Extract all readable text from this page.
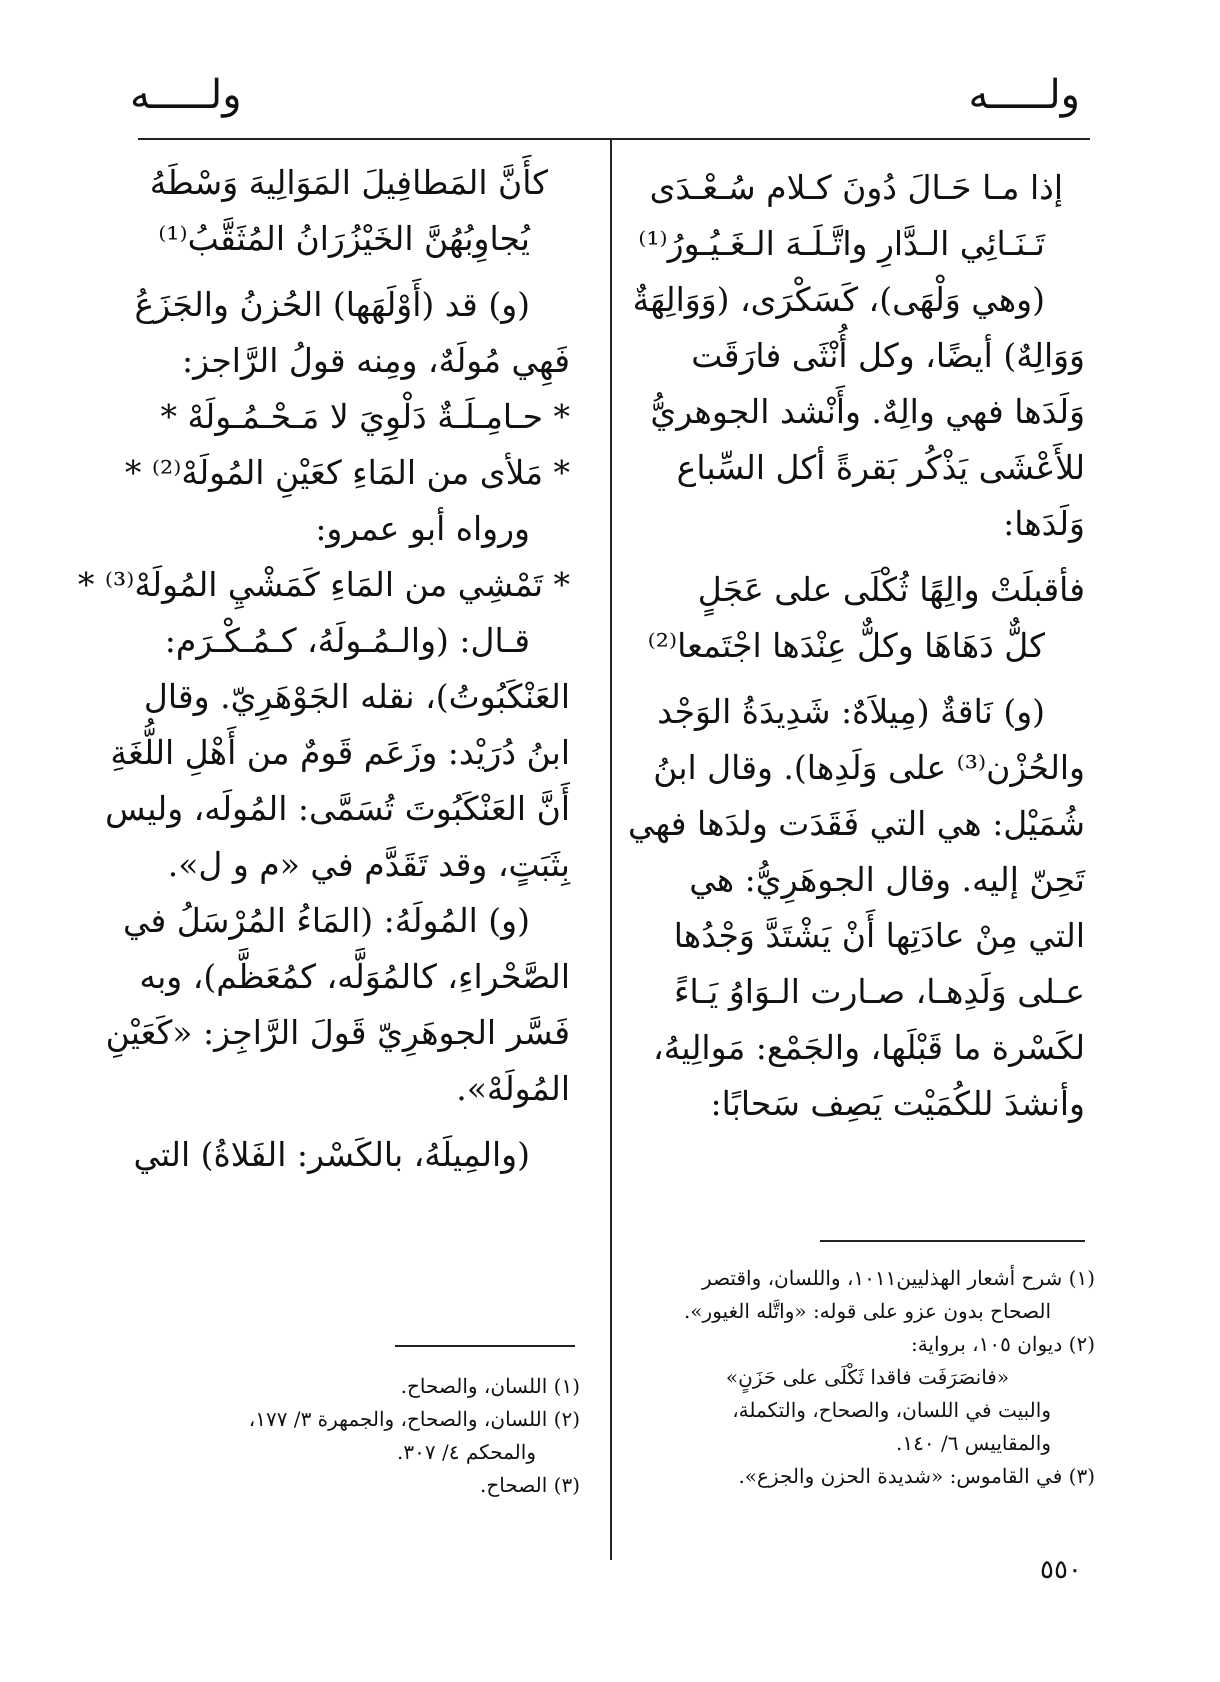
ولـــــه
ولـــــه
إذا مـا حَـالَ دُونَ كـلام سُـعْـدَى
تَـنَـائِي الـدَّارِ واتَّـلَـهَ الـغَـيُـورُ⁽¹⁾
(وهي وَلْهَى)، كَسَكْرَى، (وَوَالِهَةٌ
وَوَالِهٌ) أيضًا، وكل أُنْثَى فارَقَت
وَلَدَها فهي والِهٌ. وأَنْشد الجوهريُّ
للأَعْشَى يَذْكُر بَقرةً أكل السِّباع
وَلَدَها:
فأقبلَتْ والِهًا ثُكْلَى على عَجَلٍ
كلٌّ دَهَاهَا وكلٌّ عِنْدَها اجْتَمعا⁽²⁾
(و) نَاقةٌ (مِيلاَهٌ: شَدِيدَةُ الوَجْد
والحُزْن⁽³⁾ على وَلَدِها). وقال ابنُ
شُمَيْل: هي التي فَقَدَت ولدَها فهي
تَحِنّ إليه. وقال الجوهَرِيُّ: هي
التي مِنْ عادَتِها أَنْ يَشْتَدَّ وَجْدُها
عـلى وَلَدِهـا، صـارت الـوَاوُ يَـاءً
لكَسْرة ما قَبْلَها، والجَمْع: مَوالِيهُ،
وأنشدَ للكُمَيْت يَصِف سَحابًا:
كأَنَّ المَطافِيلَ المَوَالِيهَ وَسْطَهُ
يُجاوِبُهُنَّ الخَيْزُرَانُ المُثَقَّبُ⁽¹⁾
(و) قد (أَوْلَهَها) الحُزنُ والجَزَعُ
فَهِي مُولَهٌ، ومِنه قولُ الرَّاجز:
* حـامِـلَـةٌ دَلْوِيَ لا مَـحْـمُـولَهْ *
* مَلأى من المَاءِ كعَيْنِ المُولَهْ⁽²⁾ *
ورواه أبو عمرو:
* تَمْشِي من المَاءِ كَمَشْيِ المُولَهْ⁽³⁾ *
قـال: (والـمُـولَهُ، كـمُـكْـرَم:
العَنْكَبُوتُ)، نقله الجَوْهَرِيّ. وقال
ابنُ دُرَيْد: وزَعَم قَومٌ من أَهْلِ اللُّغَةِ
أَنَّ العَنْكَبُوتَ تُسَمَّى: المُولَه، وليس
بِثَبَتٍ، وقد تَقَدَّم في «م و ل».
(و) المُولَهُ: (المَاءُ المُرْسَلُ في
الصَّحْراءِ، كالمُوَلَّه، كمُعَظَّم)، وبه
فَسَّر الجوهَرِيّ قَولَ الرَّاجِز: «كَعَيْنِ
المُولَهْ».
(والمِيلَهُ، بالكَسْر: الفَلاةُ) التي
(١) شرح أشعار الهذليين١٠١١، واللسان، واقتصر
الصحاح بدون عزو على قوله: «واتَّله الغيور».
(٢) ديوان ١٠٥، برواية:
«فانصَرَفَت فاقدا ثَكْلَى على حَزَنٍ»
والبيت في اللسان، والصحاح، والتكملة،
والمقاييس ٦/ ١٤٠.
(٣) في القاموس: «شديدة الحزن والجزع».
(١) اللسان، والصحاح.
(٢) اللسان، والصحاح، والجمهرة ٣/ ١٧٧،
والمحكم ٤/ ٣٠٧.
(٣) الصحاح.
٥٥٠
